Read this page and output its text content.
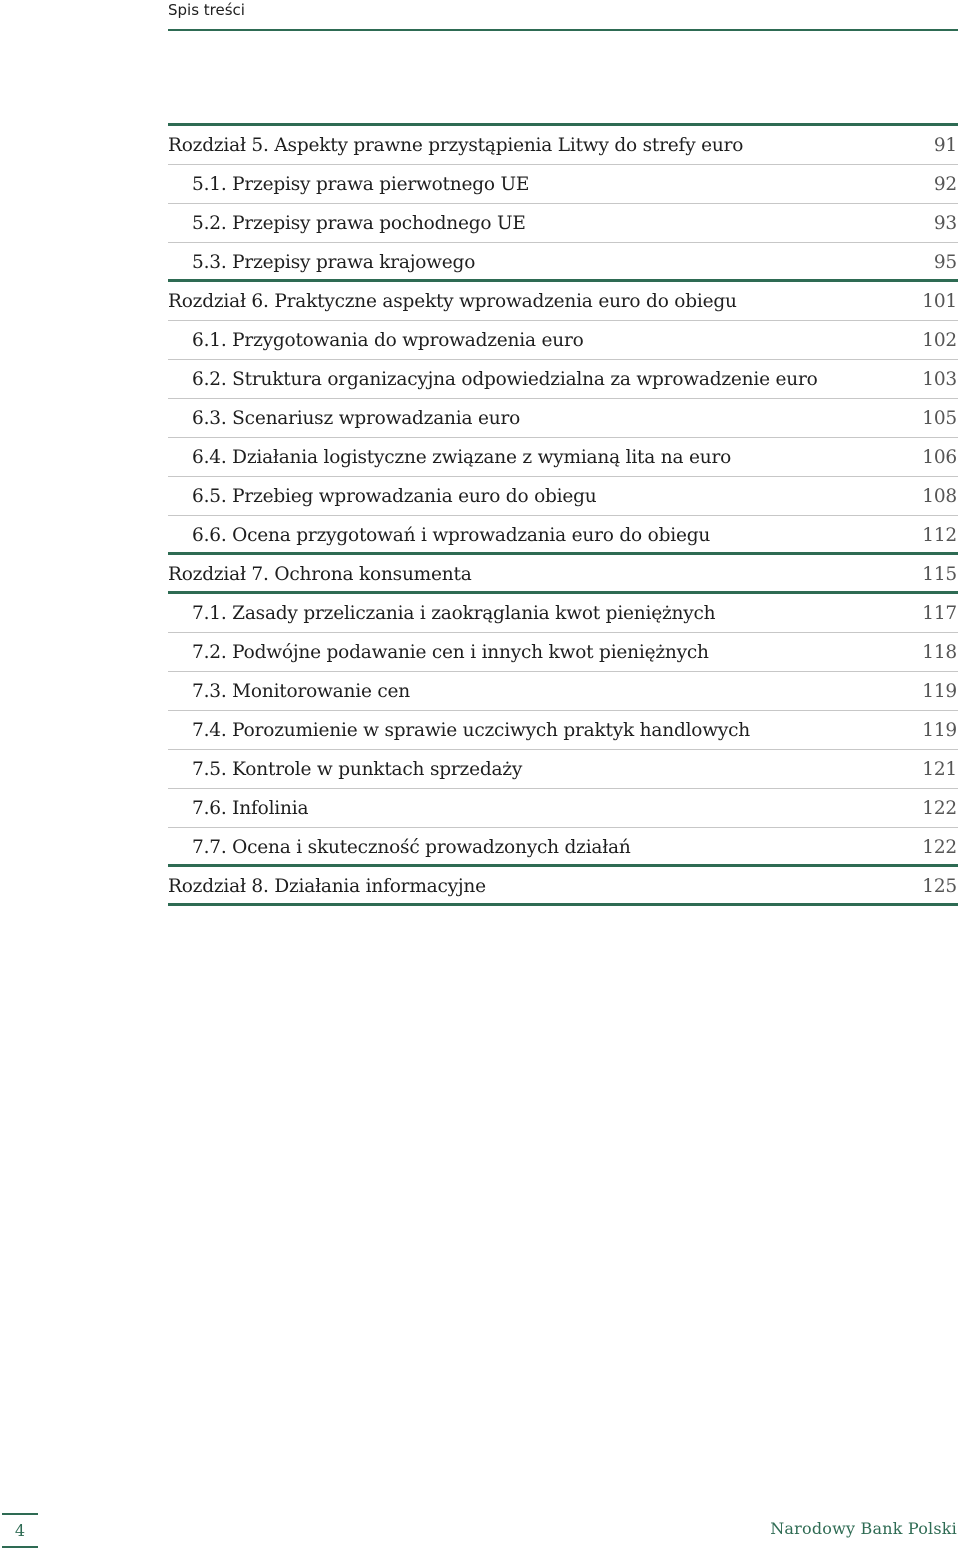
Spis treści
Rozdział 5. Aspekty prawne przystąpienia Litwy do strefy euro	91
5.1. Przepisy prawa pierwotnego UE	92
5.2. Przepisy prawa pochodnego UE	93
5.3. Przepisy prawa krajowego	95
Rozdział 6. Praktyczne aspekty wprowadzenia euro do obiegu	101
6.1. Przygotowania do wprowadzenia euro	102
6.2. Struktura organizacyjna odpowiedzialna za wprowadzenie euro	103
6.3. Scenariusz wprowadzania euro	105
6.4. Działania logistyczne związane z wymianą lita na euro	106
6.5. Przebieg wprowadzania euro do obiegu	108
6.6. Ocena przygotowań i wprowadzania euro do obiegu	112
Rozdział 7. Ochrona konsumenta	115
7.1. Zasady przeliczania i zaokrąglania kwot pieniężnych	117
7.2. Podwójne podawanie cen i innych kwot pieniężnych	118
7.3. Monitorowanie cen	119
7.4. Porozumienie w sprawie uczciwych praktyk handlowych	119
7.5. Kontrole w punktach sprzedaży	121
7.6. Infolinia	122
7.7. Ocena i skuteczność prowadzonych działań	122
Rozdział 8. Działania informacyjne	125
4	Narodowy Bank Polski
